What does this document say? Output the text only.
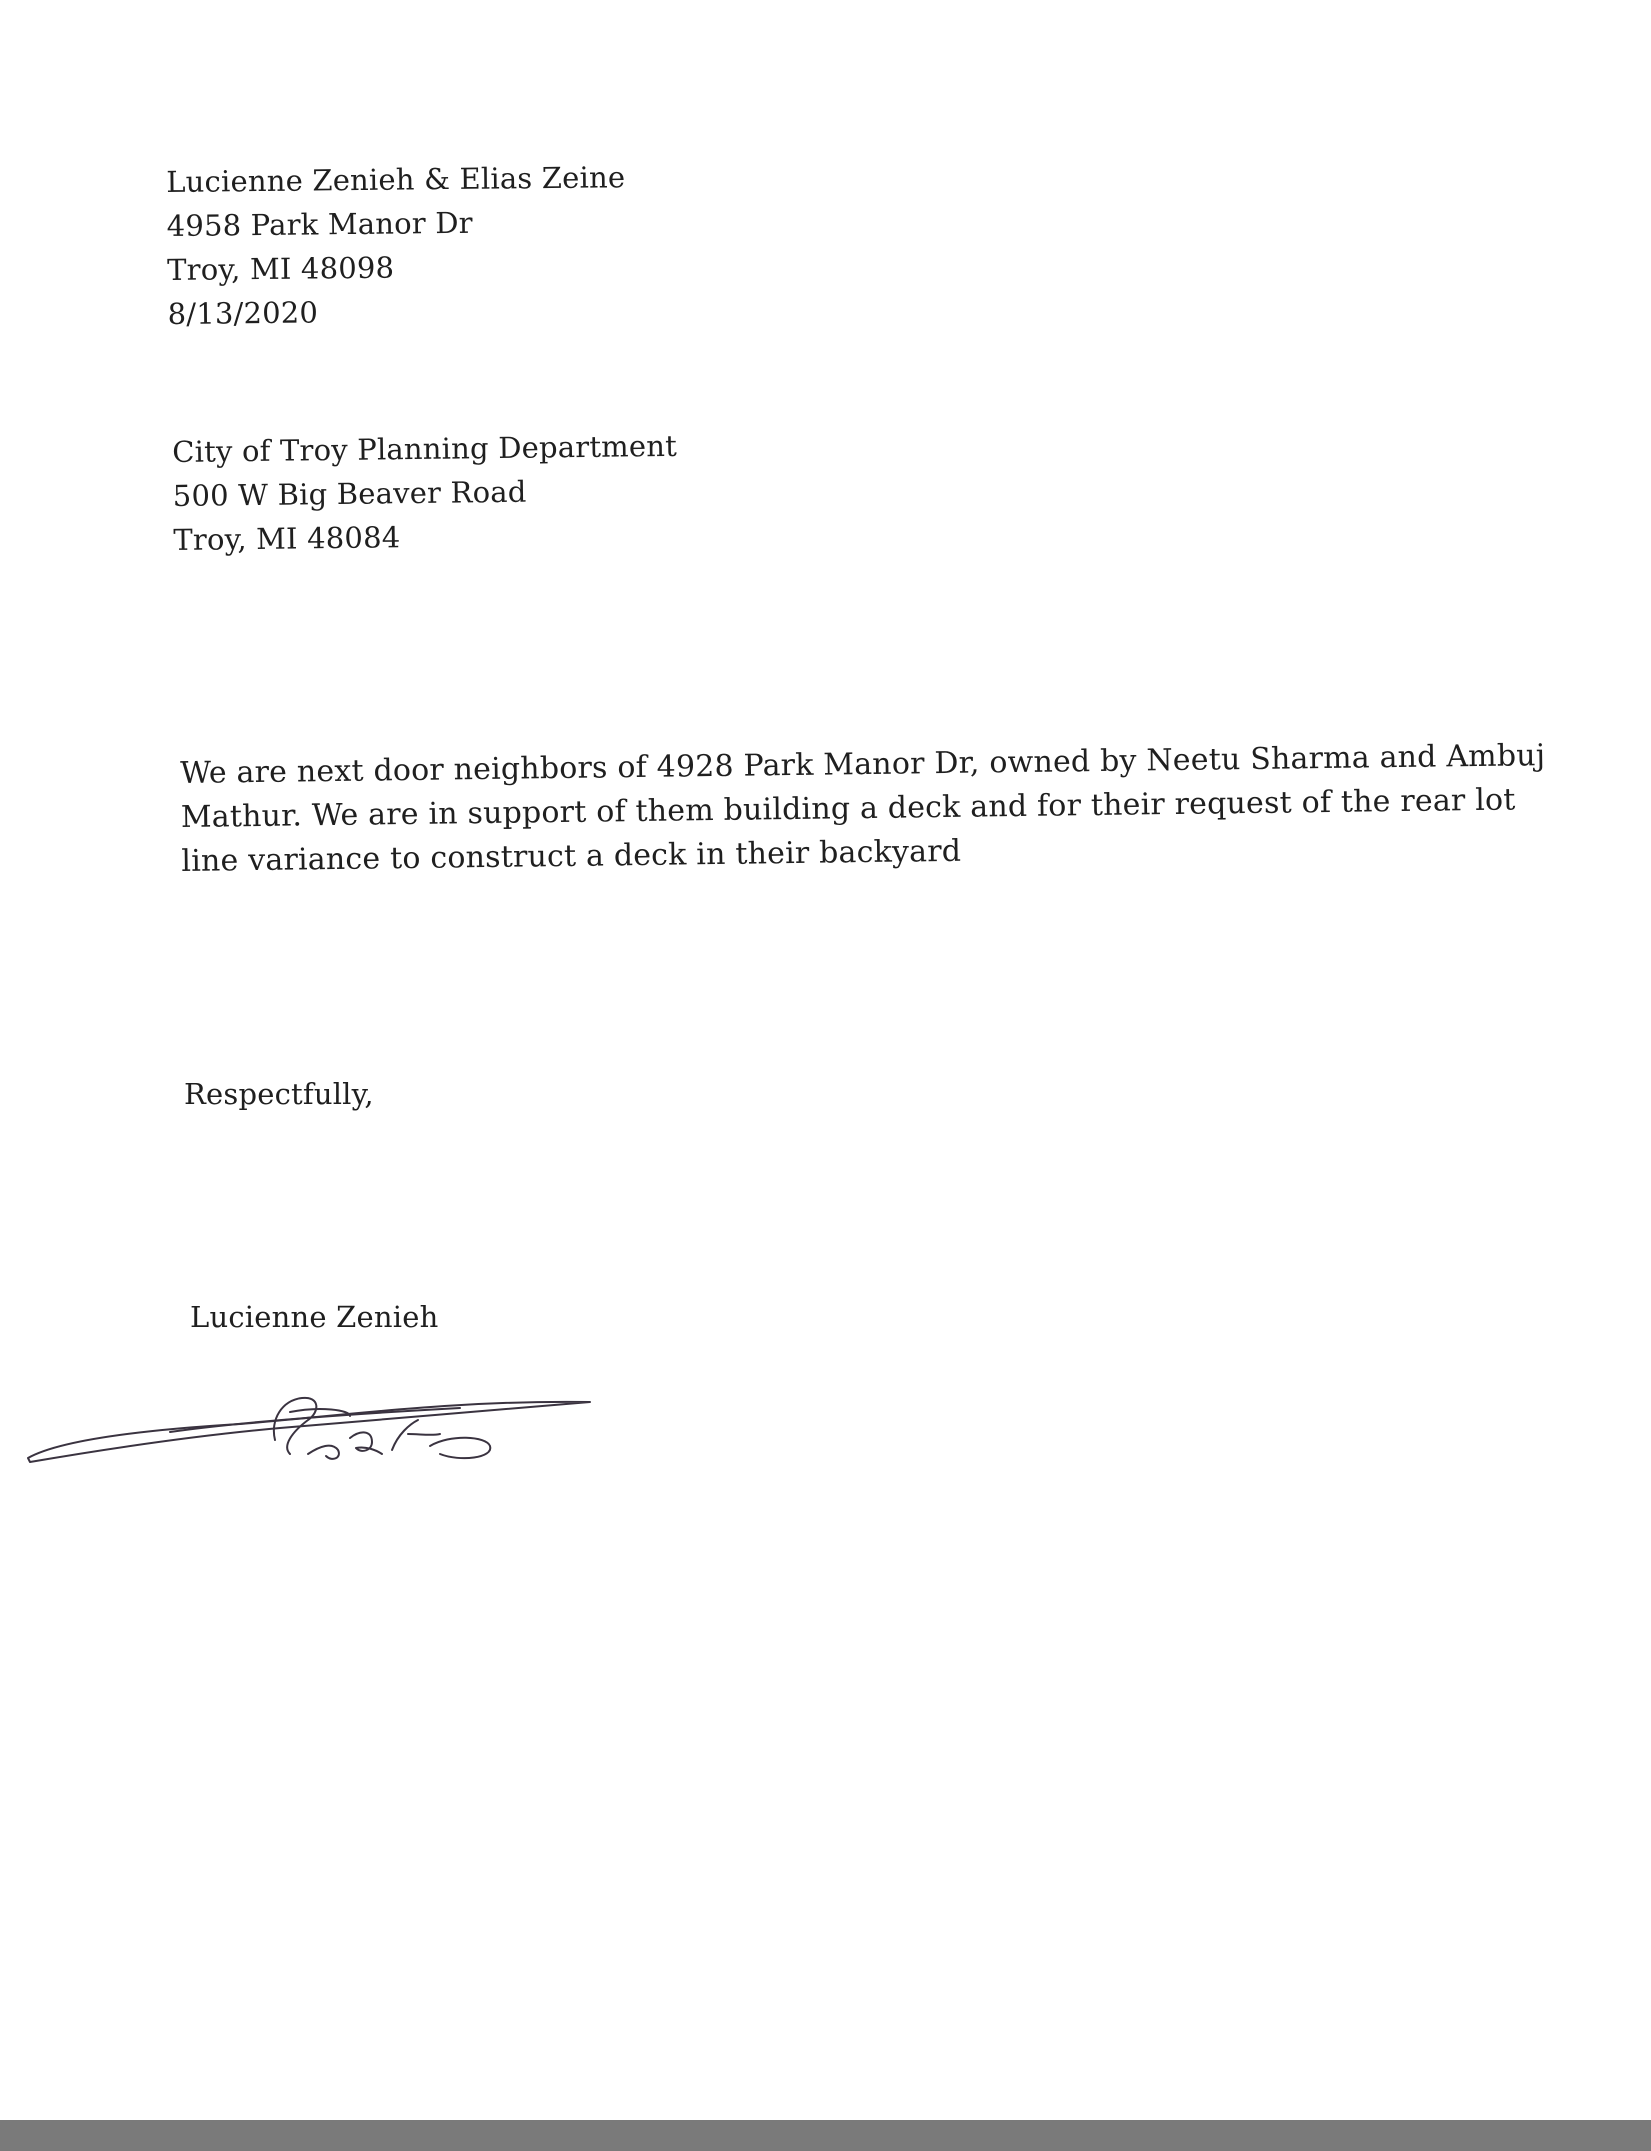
Lucienne Zenieh & Elias Zeine
4958 Park Manor Dr
Troy, MI 48098
8/13/2020
City of Troy Planning Department
500 W Big Beaver Road
Troy, MI 48084
We are next door neighbors of 4928 Park Manor Dr, owned by Neetu Sharma and Ambuj
Mathur. We are in support of them building a deck and for their request of the rear lot
line variance to construct a deck in their backyard
Respectfully,
Lucienne Zenieh
